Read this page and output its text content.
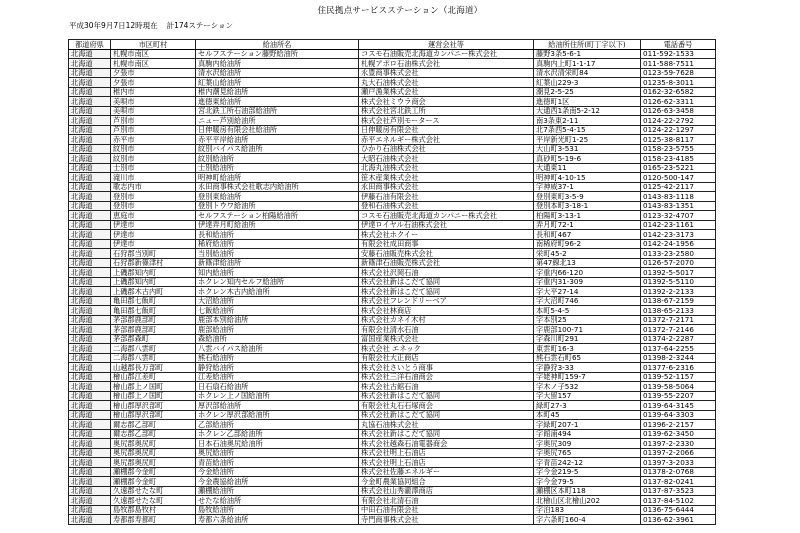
住民拠点サービスステーション（北海道）
平成30年9月7日12時現在 計174ステーション
都道府県	市区町村	給油所名	運営会社等	給油所住所(町丁字以下)	電話番号
北海道	札幌市南区	セルフステーション藤野給油所	コスモ石油販売北海道カンパニー株式会社	藤野3条5-6-1	011-592-1533
北海道	札幌市南区	真駒内給油所	札幌アポロ石油株式会社	真駒内上町1-1-17	011-588-7511
北海道	夕張市	清水沢給油所	永豊商事株式会社	清水沢清栄町84	0123-59-7628
北海道	夕張市	紅葉山給油所	丸大石油株式会社	紅葉山229-3	01235-8-3011
北海道	稚内市	稚内潮見給油所	瀬戸漁業株式会社	潮見2-5-25	0162-32-6582
北海道	美唄市	進徳東給油所	株式会社ミウラ商会	進徳町1区	0126-62-3311
北海道	美唄市	宮北鉄工所石油部給油所	株式会社宮北鉄工所	大通西1条南5-2-12	0126-63-3458
北海道	芦別市	ニュー芦別給油所	株式会社芦別モータース	南3条東2-11	0124-22-2792
北海道	芦別市	日伸暖房有限会社給油所	日伸暖房有限会社	北7条西5-4-15	0124-22-1297
北海道	赤平市	赤平平岸給油所	赤平エネルギー株式会社	平岸新光町1-25	0125-38-8117
北海道	紋別市	紋別バイパス給油所	ひかり石油株式会社	大山町3-531	0158-23-5755
北海道	紋別市	紋別給油所	大昭石油株式会社	真砂町5-19-6	0158-23-4185
北海道	士別市	士別給油所	北海丸油株式会社	大通東11	0165-23-5221
北海道	滝川市	明神町給油所	笹木産業株式会社	明神町4-10-15	0120-500-147
北海道	歌志内市	永田商事株式会社歌志内給油所	永田商事株式会社	字神威37-1	0125-42-2117
北海道	登別市	登別東給油所	伊藤石油有限会社	登別東町3-5-9	0143-83-1118
北海道	登別市	登別トウワ給油所	登和石油株式会社	登別本町3-18-1	0143-83-1351
北海道	恵庭市	セルフステーション柏陽給油所	コスモ石油販売北海道カンパニー株式会社	柏陽町3-13-1	0123-32-4707
北海道	伊達市	伊達弄月町給油所	伊達ロイヤル石油株式会社	弄月町72-1	0142-23-1161
北海道	伊達市	長和給油所	株式会社ホクイー	長和町467	0142-23-3173
北海道	伊達市	稀府給油所	有限会社成田商事	南稀府町96-2	0142-24-1956
北海道	石狩郡当別町	当別給油所	安藤石油販売株式会社	栄町45-2	0133-23-2580
北海道	石狩郡新篠津村	新篠津給油所	新篠津石油販売株式会社	第47線北13	0126-57-2070
北海道	上磯郡知内町	知内給油所	株式会社沢岡石油	字重内66-120	01392-5-5017
北海道	上磯郡知内町	ホクレン知内セルフ給油所	株式会社新はこだて協同	字重内31-309	01392-5-5110
北海道	上磯郡木古内町	ホクレン木古内給油所	株式会社新はこだて協同	字大平27-14	01392-2-2133
北海道	亀田郡七飯町	大沼給油所	株式会社フレンドリーベア	字大沼町746	0138-67-2159
北海道	亀田郡七飯町	七飯給油所	株式会社林商店	本町5-4-5	0138-65-2133
北海道	茅部郡鹿部町	鹿部本別給油所	株式会社カネイ木村	字本別25	01372-7-2171
北海道	茅部郡鹿部町	鹿部給油所	有限会社清水石油	字鹿部100-71	01372-7-2146
北海道	茅部郡森町	森給油所	富国産業株式会社	字森川町291	01374-2-2287
北海道	二海郡八雲町	八雲バイパス給油所	株式会社 エネック	東雲町16-3	0137-64-2255
北海道	二海郡八雲町	熊石給油所	有限会社大正商店	熊石雲石町65	01398-2-3244
北海道	山越郡長万部町	静狩給油所	株式会社さいとう商事	字静狩3-33	01377-6-2316
北海道	檜山郡江差町	江差給油所	株式会社三洋石油商会	字姥神町159-7	0139-52-1157
北海道	檜山郡上ノ国町	日石扇石給油所	株式会社古館石油	字木ノ子532	0139-58-5064
北海道	檜山郡上ノ国町	ホクレン上ノ国給油所	株式会社新はこだて協同	字大留157	0139-55-2207
北海道	檜山郡厚沢部町	厚沢部給油所	有限会社丸石石塚商会	緑町27-3	0139-64-3145
北海道	檜山郡厚沢部町	ホクレン厚沢部給油所	株式会社新はこだて協同	本町45	0139-64-3303
北海道	爾志郡乙部町	乙部給油所	丸協石油株式会社	字緑町207-1	01396-2-2157
北海道	爾志郡乙部町	ホクレン乙部給油所	株式会社新はこだて協同	字館浦494	0139-62-3450
北海道	奥尻郡奥尻町	日本石油奥尻給油所	株式会社越森石油電器商会	字奥尻309	01397-2-2330
北海道	奥尻郡奥尻町	奥尻給油所	株式会社明上石油店	字奥尻765	01397-2-2066
北海道	奥尻郡奥尻町	青苗給油所	株式会社明上石油店	字青苗242-12	01397-3-2033
北海道	瀬棚郡今金町	今金給油所	株式会社佐藤エネルギー	字今金219-5	01378-2-0768
北海道	瀬棚郡今金町	今金農協給油所	今金町農業協同組合	字今金79-5	0137-82-0241
北海道	久遠郡せたな町	瀬棚給油所	株式会社山秀瀧澤商店	瀬棚区本町118	0137-87-3523
北海道	久遠郡せたな町	せたな給油所	有限会社北清石油	北檜山区北檜山202	0137-84-5102
北海道	島牧郡島牧村	島牧給油所	中田石油有限会社	字泊183	0136-75-6444
北海道	寿都郡寿都町	寿都六条給油所	寺門商事株式会社	字六条町160-4	0136-62-3961
